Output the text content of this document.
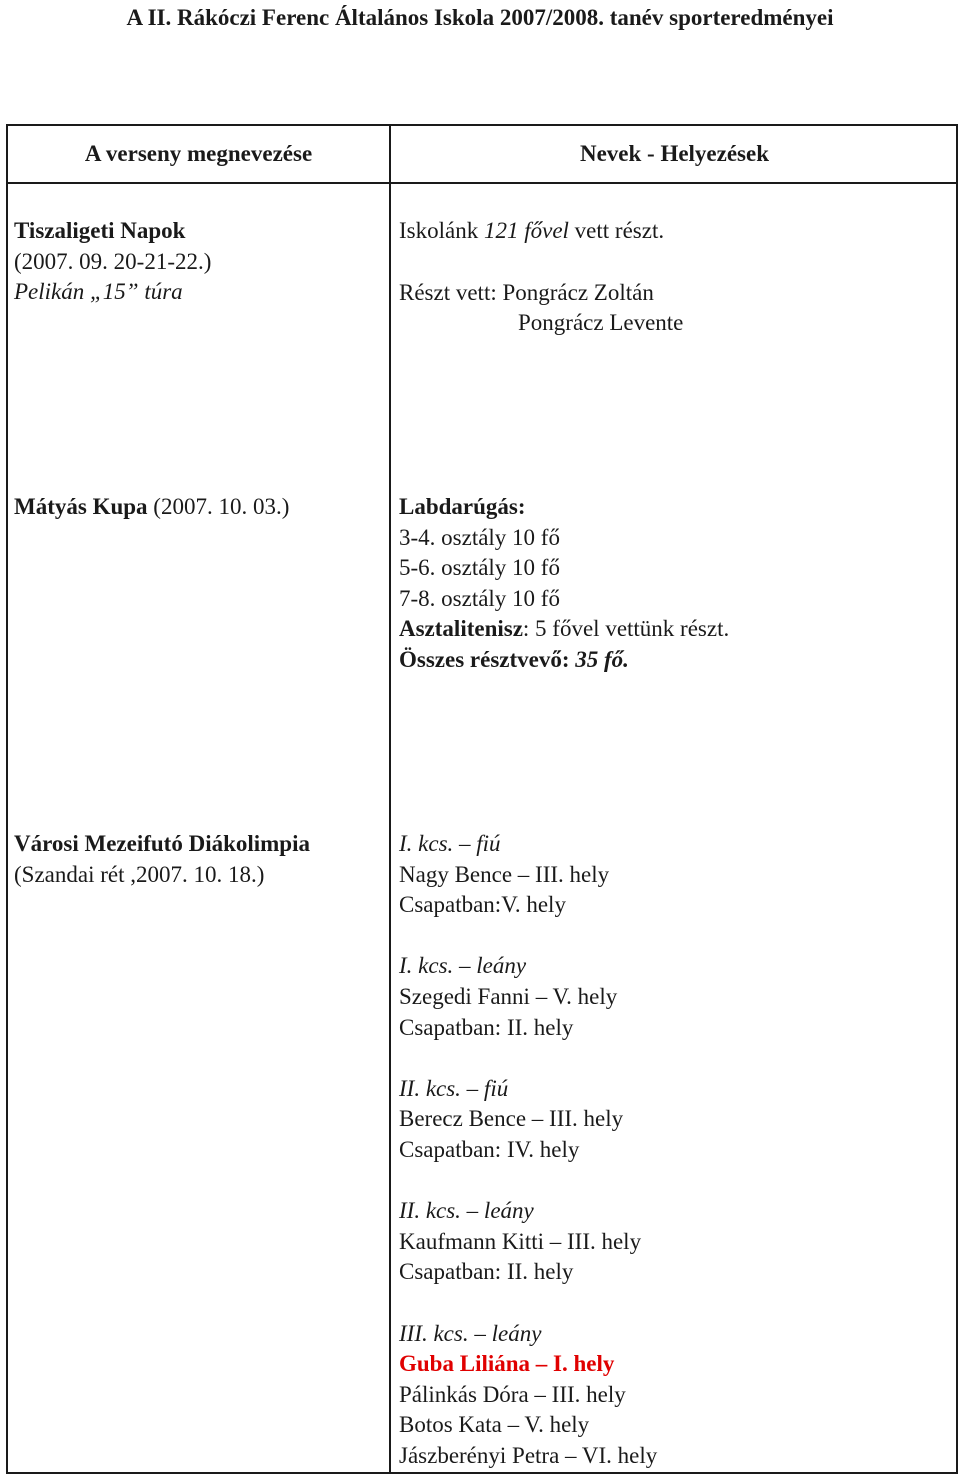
A II. Rákóczi Ferenc Általános Iskola 2007/2008. tanév sporteredményei
A verseny megnevezése	Nevek - Helyezések
Tiszaligeti Napok
(2007. 09. 20-21-22.)
Pelikán „15” túra
Iskolánk 121 fővel vett részt.
Részt vett: Pongrácz Zoltán
Pongrácz Levente
Mátyás Kupa (2007. 10. 03.)	Labdarúgás:
3-4. osztály 10 fő
5-6. osztály 10 fő
7-8. osztály 10 fő
Asztalitenisz: 5 fővel vettünk részt.
Összes résztvevő: 35 fő.
Városi Mezeifutó Diákolimpia
(Szandai rét ,2007. 10. 18.)
I. kcs. – fiú
Nagy Bence – III. hely
Csapatban:V. hely
I. kcs. – leány
Szegedi Fanni – V. hely
Csapatban: II. hely
II. kcs. – fiú
Berecz Bence – III. hely
Csapatban: IV. hely
II. kcs. – leány
Kaufmann Kitti – III. hely
Csapatban: II. hely
III. kcs. – leány
Guba Liliána – I. hely
Pálinkás Dóra – III. hely
Botos Kata – V. hely
Jászberényi Petra – VI. hely
